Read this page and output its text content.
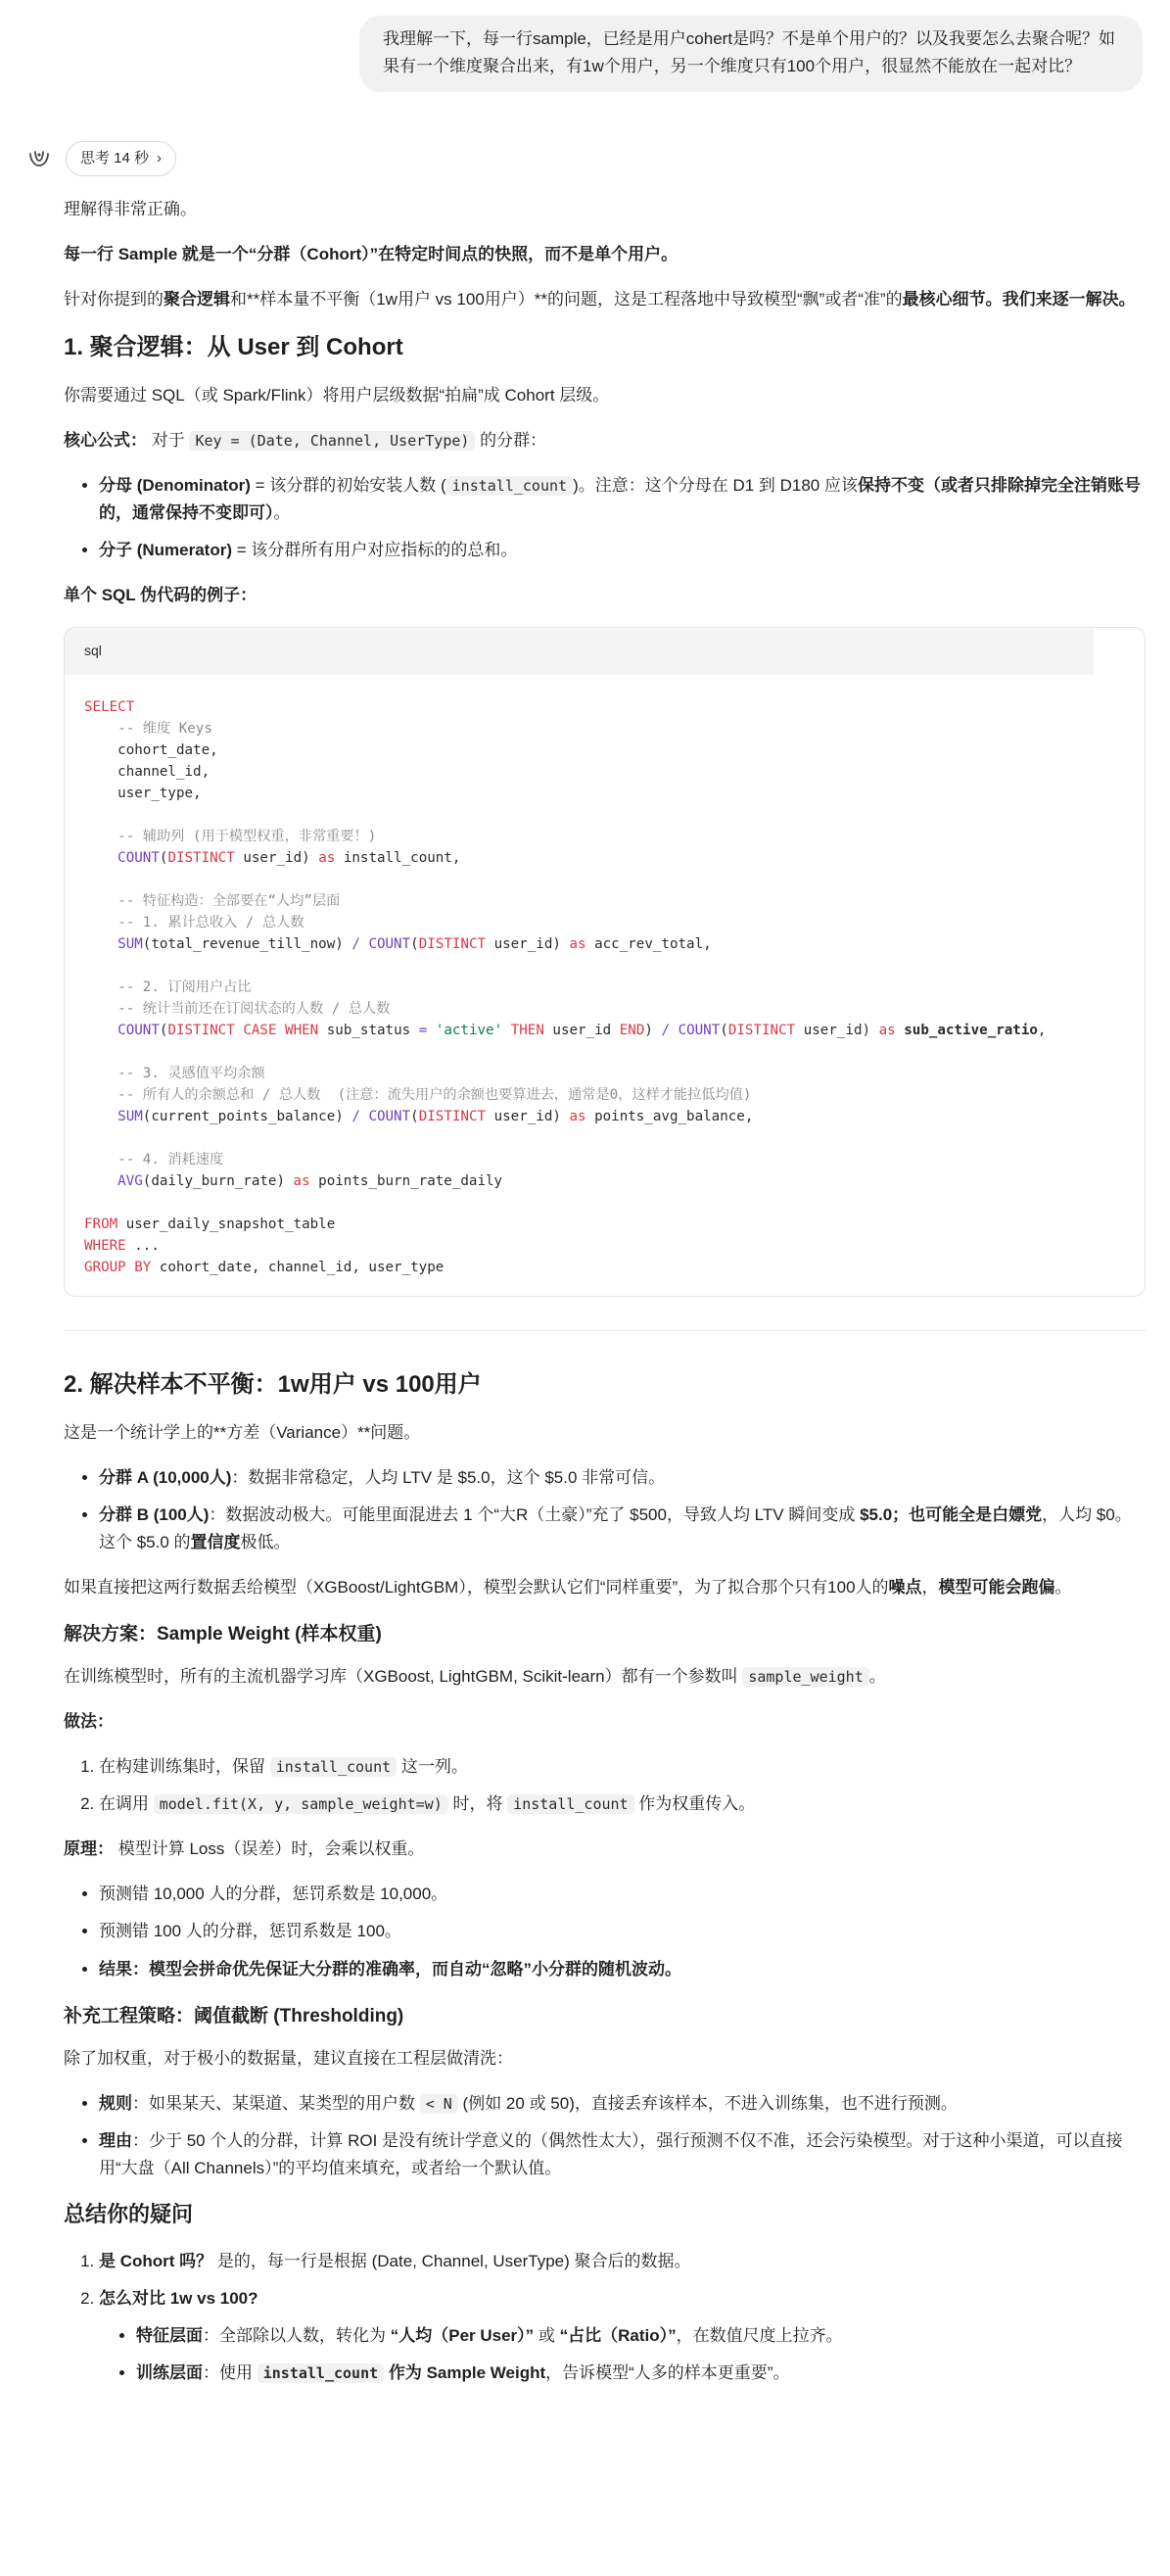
我理解一下，每一行sample，已经是用户cohert是吗？不是单个用户的？以及我要怎么去聚合呢？如果有一个维度聚合出来，有1w个用户，另一个维度只有100个用户，很显然不能放在一起对比？
思考 14 秒 ›

理解得非常正确。

每一行 Sample 就是一个“分群（Cohort）”在特定时间点的快照，而不是单个用户。

针对你提到的聚合逻辑和**样本量不平衡（1w用户 vs 100用户）**的问题，这是工程落地中导致模型“飘”或者“准”的最核心细节。我们来逐一解决。

1. 聚合逻辑：从 User 到 Cohort

你需要通过 SQL（或 Spark/Flink）将用户层级数据“拍扁”成 Cohort 层级。

核心公式： 对于 Key = (Date, Channel, UserType) 的分群：

• 分母 (Denominator) = 该分群的初始安装人数 ( install_count )。注意：这个分母在 D1 到 D180 应该保持不变（或者只排除掉完全注销账号的，通常保持不变即可）。
• 分子 (Numerator) = 该分群所有用户对应指标的的总和。

单个 SQL 伪代码的例子：

sql
SELECT
-- 维度 Keys
cohort_date,
channel_id,
user_type,

-- 辅助列 (用于模型权重，非常重要！)
COUNT(DISTINCT user_id) as install_count,

-- 特征构造：全部要在“人均”层面
-- 1. 累计总收入 / 总人数
SUM(total_revenue_till_now) / COUNT(DISTINCT user_id) as acc_rev_total,

-- 2. 订阅用户占比
-- 统计当前还在订阅状态的人数 / 总人数
COUNT(DISTINCT CASE WHEN sub_status = 'active' THEN user_id END) / COUNT(DISTINCT user_id) as sub_active_ratio,

-- 3. 灵感值平均余额
-- 所有人的余额总和 / 总人数  (注意：流失用户的余额也要算进去，通常是0，这样才能拉低均值)
SUM(current_points_balance) / COUNT(DISTINCT user_id) as points_avg_balance,

-- 4. 消耗速度
AVG(daily_burn_rate) as points_burn_rate_daily

FROM user_daily_snapshot_table
WHERE ...
GROUP BY cohort_date, channel_id, user_type
2. 解决样本不平衡：1w用户 vs 100用户

这是一个统计学上的**方差（Variance）**问题。

• 分群 A (10,000人)：数据非常稳定，人均 LTV 是 $5.0，这个 $5.0 非常可信。
• 分群 B (100人)：数据波动极大。可能里面混进去 1 个“大R（土豪）”充了 $500，导致人均 LTV 瞬间变成 $5.0；也可能全是白嫖党，人均 $0。这个 $5.0 的置信度极低。

如果直接把这两行数据丢给模型（XGBoost/LightGBM），模型会默认它们“同样重要”，为了拟合那个只有100人的噪点，模型可能会跑偏。

解决方案：Sample Weight (样本权重)

在训练模型时，所有的主流机器学习库（XGBoost, LightGBM, Scikit-learn）都有一个参数叫 sample_weight 。

做法：

1. 在构建训练集时，保留 install_count 这一列。
2. 在调用 model.fit(X, y, sample_weight=w) 时，将 install_count 作为权重传入。

原理： 模型计算 Loss（误差）时，会乘以权重。

• 预测错 10,000 人的分群，惩罚系数是 10,000。
• 预测错 100 人的分群，惩罚系数是 100。
• 结果：模型会拼命优先保证大分群的准确率，而自动“忽略”小分群的随机波动。
补充工程策略：阈值截断 (Thresholding)

除了加权重，对于极小的数据量，建议直接在工程层做清洗：

• 规则：如果某天、某渠道、某类型的用户数 < N (例如 20 或 50)，直接丢弃该样本，不进入训练集，也不进行预测。
• 理由：少于 50 个人的分群，计算 ROI 是没有统计学意义的（偶然性太大），强行预测不仅不准，还会污染模型。对于这种小渠道，可以直接用“大盘（All Channels）”的平均值来填充，或者给一个默认值。
总结你的疑问
1. 是 Cohort 吗？ 是的，每一行是根据 (Date, Channel, UserType) 聚合后的数据。
2. 怎么对比 1w vs 100?
• 特征层面：全部除以人数，转化为 “人均（Per User）” 或 “占比（Ratio）”，在数值尺度上拉齐。
• 训练层面：使用 install_count 作为 Sample Weight，告诉模型“人多的样本更重要”。
